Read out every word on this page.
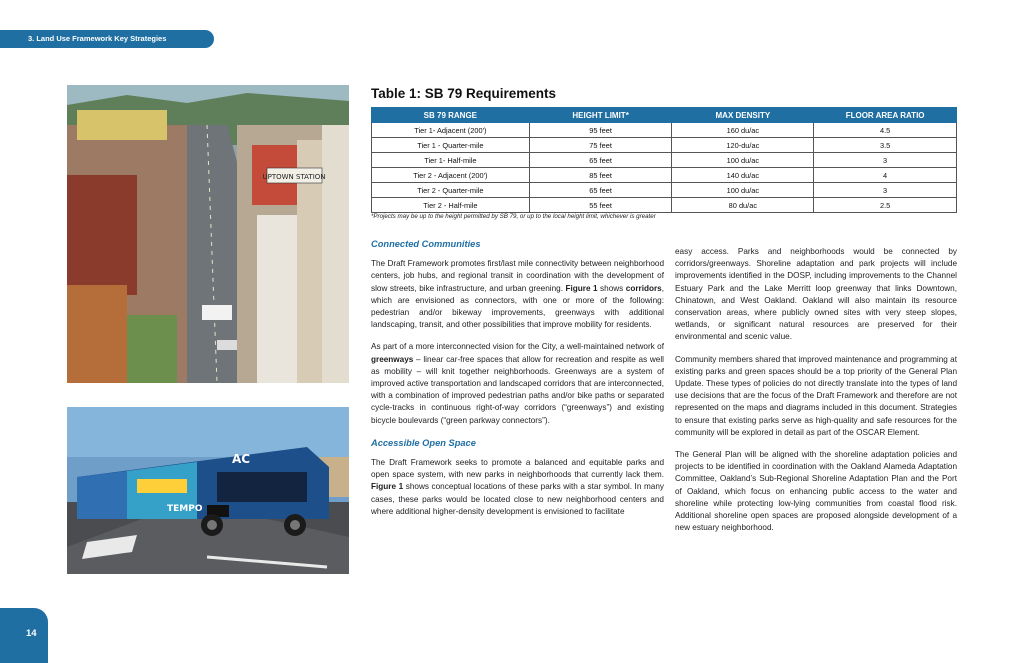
3. Land Use Framework Key Strategies
UPTOWN STATION
AC
TEMPO
Table 1: SB 79 Requirements
SB 79 RANGE	HEIGHT LIMIT*	MAX DENSITY	FLOOR AREA RATIO
Tier 1- Adjacent (200')	95 feet	160 du/ac	4.5
Tier 1 - Quarter-mile	75 feet	120-du/ac	3.5
Tier 1- Half-mile	65 feet	100 du/ac	3
Tier 2 - Adjacent (200')	85 feet	140 du/ac	4
Tier 2 - Quarter-mile	65 feet	100 du/ac	3
Tier 2 - Half-mile	55 feet	80 du/ac	2.5
*Projects may be up to the height permitted by SB 79, or up to the local height limit, whichever is greater
Connected Communities

The Draft Framework promotes first/last mile connectivity between neighborhood centers, job hubs, and regional transit in coordination with the development of slow streets, bike infrastructure, and urban greening. Figure 1 shows corridors, which are envisioned as connectors, with one or more of the following: pedestrian and/or bikeway improvements, greenways with additional landscaping, transit, and other possibilities that improve mobility for residents.

As part of a more interconnected vision for the City, a well-maintained network of greenways – linear car-free spaces that allow for recreation and respite as well as mobility – will knit together neighborhoods. Greenways are a system of improved active transportation and landscaped corridors that are interconnected, with a combination of improved pedestrian paths and/or bike paths or separated cycle-tracks in continuous right-of-way corridors (“greenways”) and existing bicycle boulevards (“green parkway connectors”).

Accessible Open Space

The Draft Framework seeks to promote a balanced and equitable parks and open space system, with new parks in neighborhoods that currently lack them. Figure 1 shows conceptual locations of these parks with a star symbol. In many cases, these parks would be located close to new neighborhood centers and where additional higher-density development is envisioned to facilitate

easy access. Parks and neighborhoods would be connected by corridors/greenways. Shoreline adaptation and park projects will include improvements identified in the DOSP, including improvements to the Channel Estuary Park and the Lake Merritt loop greenway that links Downtown, Chinatown, and West Oakland. Oakland will also maintain its resource conservation areas, where publicly owned sites with very steep slopes, wetlands, or significant natural resources are preserved for their environmental and scenic value.

Community members shared that improved maintenance and programming at existing parks and green spaces should be a top priority of the General Plan Update. These types of policies do not directly translate into the types of land use decisions that are the focus of the Draft Framework and therefore are not represented on the maps and diagrams included in this document. Strategies to ensure that existing parks serve as high-quality and safe resources for the community will be explored in detail as part of the OSCAR Element.

The General Plan will be aligned with the shoreline adaptation policies and projects to be identified in coordination with the Oakland Alameda Adaptation Committee, Oakland’s Sub-Regional Shoreline Adaptation Plan and the Port of Oakland, which focus on enhancing public access to the water and shoreline while protecting low-lying communities from coastal flood risk. Additional shoreline open spaces are proposed alongside development of a new estuary neighborhood.

14
